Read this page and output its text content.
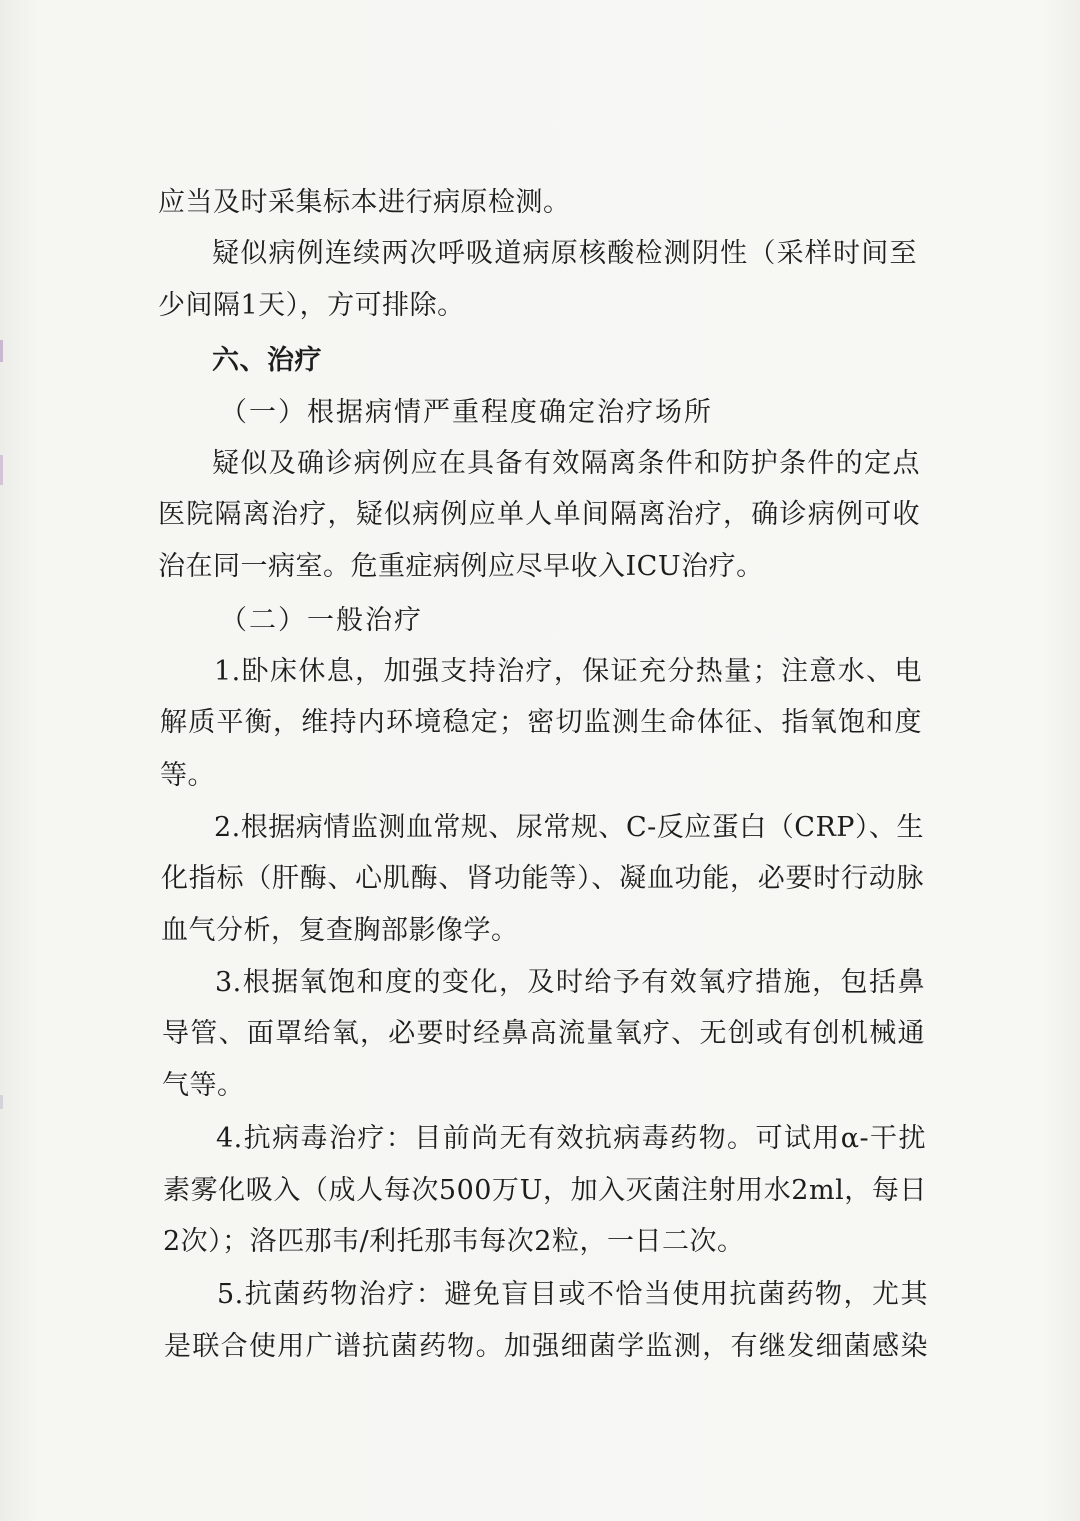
应当及时采集标本进行病原检测。
疑似病例连续两次呼吸道病原核酸检测阴性（采样时间至
少间隔1天），方可排除。
六、治疗
（一）根据病情严重程度确定治疗场所
疑似及确诊病例应在具备有效隔离条件和防护条件的定点
医院隔离治疗，疑似病例应单人单间隔离治疗，确诊病例可收
治在同一病室。危重症病例应尽早收入ICU治疗。
（二）一般治疗
1.卧床休息，加强支持治疗，保证充分热量；注意水、电
解质平衡，维持内环境稳定；密切监测生命体征、指氧饱和度
等。
2.根据病情监测血常规、尿常规、C-反应蛋白（CRP）、生
化指标（肝酶、心肌酶、肾功能等）、凝血功能，必要时行动脉
血气分析，复查胸部影像学。
3.根据氧饱和度的变化，及时给予有效氧疗措施，包括鼻
导管、面罩给氧，必要时经鼻高流量氧疗、无创或有创机械通
气等。
4.抗病毒治疗：目前尚无有效抗病毒药物。可试用α-干扰
素雾化吸入（成人每次500万U，加入灭菌注射用水2ml，每日
2次）；洛匹那韦/利托那韦每次2粒，一日二次。
5.抗菌药物治疗：避免盲目或不恰当使用抗菌药物，尤其
是联合使用广谱抗菌药物。加强细菌学监测，有继发细菌感染
